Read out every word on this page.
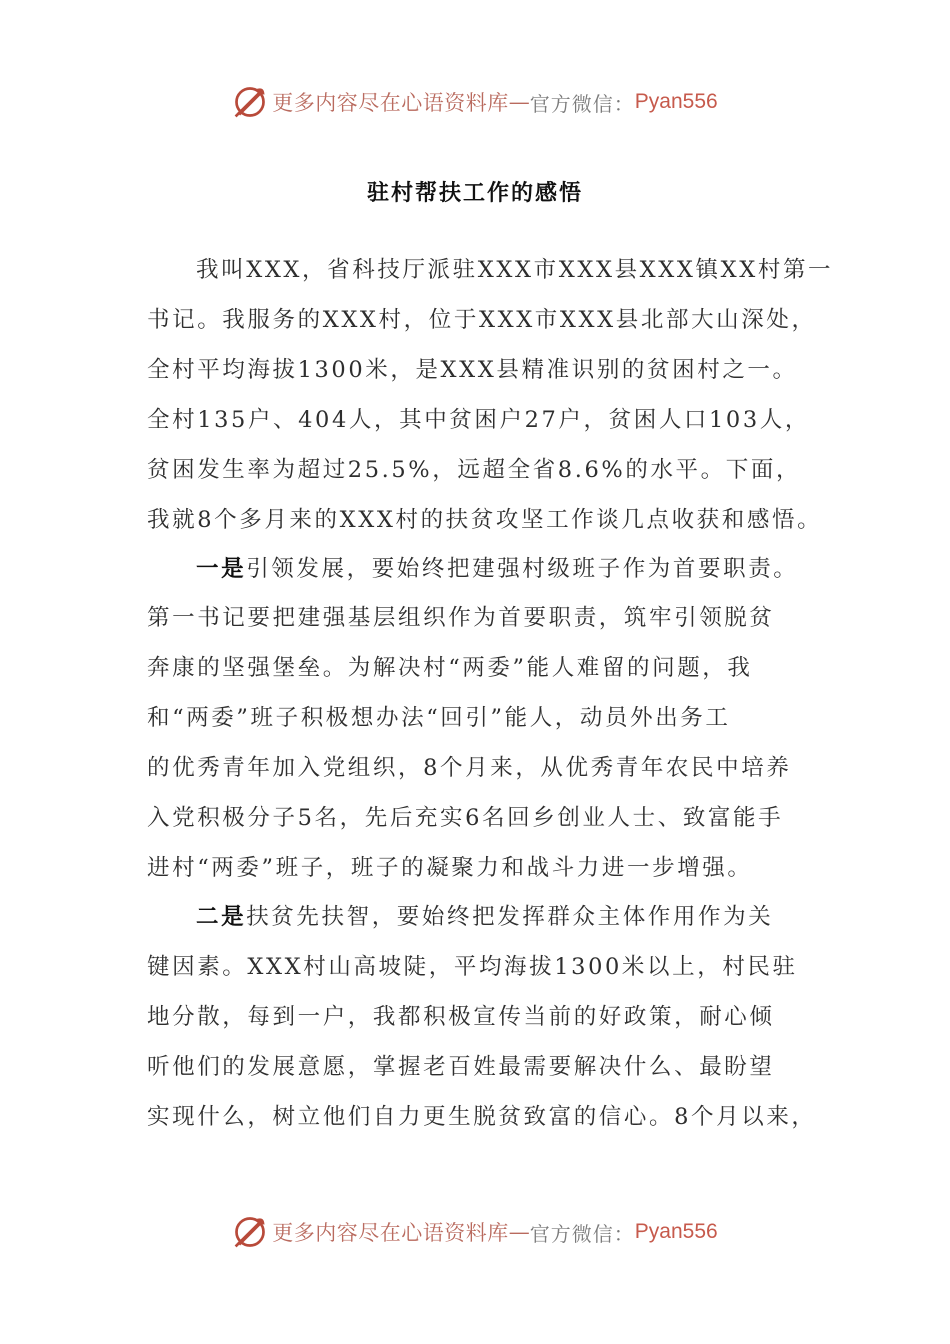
更多内容尽在心语资料库 — 官方微信： Pyan556
驻村帮扶工作的感悟
我叫XXX，省科技厅派驻XXX市XXX县XXX镇XX村第一
书记。我服务的XXX村，位于XXX市XXX县北部大山深处，
全村平均海拔1300米，是XXX县精准识别的贫困村之一。
全村135户、404人，其中贫困户27户，贫困人口103人，
贫困发生率为超过25.5%，远超全省8.6%的水平。下面，
我就8个多月来的XXX村的扶贫攻坚工作谈几点收获和感悟。
一是引领发展，要始终把建强村级班子作为首要职责。
第一书记要把建强基层组织作为首要职责，筑牢引领脱贫
奔康的坚强堡垒。为解决村“两委”能人难留的问题，我
和“两委”班子积极想办法“回引”能人，动员外出务工
的优秀青年加入党组织，8个月来，从优秀青年农民中培养
入党积极分子5名，先后充实6名回乡创业人士、致富能手
进村“两委”班子，班子的凝聚力和战斗力进一步增强。
二是扶贫先扶智，要始终把发挥群众主体作用作为关
键因素。XXX村山高坡陡，平均海拔1300米以上，村民驻
地分散，每到一户，我都积极宣传当前的好政策，耐心倾
听他们的发展意愿，掌握老百姓最需要解决什么、最盼望
实现什么，树立他们自力更生脱贫致富的信心。8个月以来，
更多内容尽在心语资料库 — 官方微信： Pyan556
